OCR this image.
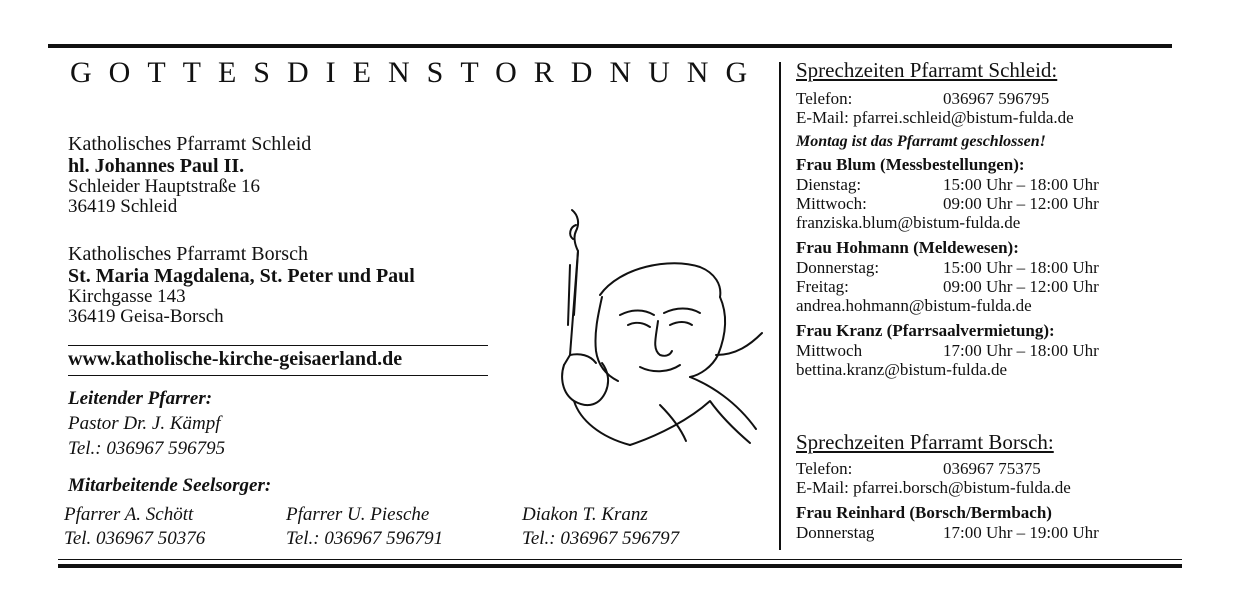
GOTTESDIENSTORDNUNG
Katholisches Pfarramt Schleid
hl. Johannes Paul II.
Schleider Hauptstraße 16
36419 Schleid
Katholisches Pfarramt Borsch
St. Maria Magdalena, St. Peter und Paul
Kirchgasse 143
36419 Geisa-Borsch
www.katholische-kirche-geisaerland.de
Leitender Pfarrer:
Pastor Dr. J. Kämpf
Tel.: 036967 596795
Mitarbeitende Seelsorger:
Pfarrer A. Schött
Tel. 036967 50376
Pfarrer U. Piesche
Tel.: 036967 596791
Diakon T. Kranz
Tel.: 036967 596797
Sprechzeiten Pfarramt Schleid:
Telefon:	036967 596795
E-Mail: pfarrei.schleid@bistum-fulda.de
Montag ist das Pfarramt geschlossen!
Frau Blum (Messbestellungen):
Dienstag:	15:00 Uhr – 18:00 Uhr
Mittwoch:	09:00 Uhr – 12:00 Uhr
franziska.blum@bistum-fulda.de
Frau Hohmann (Meldewesen):
Donnerstag:	15:00 Uhr – 18:00 Uhr
Freitag:	09:00 Uhr – 12:00 Uhr
andrea.hohmann@bistum-fulda.de
Frau Kranz (Pfarrsaalvermietung):
Mittwoch	17:00 Uhr – 18:00 Uhr
bettina.kranz@bistum-fulda.de
Sprechzeiten Pfarramt Borsch:
Telefon:	036967 75375
E-Mail: pfarrei.borsch@bistum-fulda.de
Frau Reinhard (Borsch/Bermbach)
Donnerstag	17:00 Uhr – 19:00 Uhr
